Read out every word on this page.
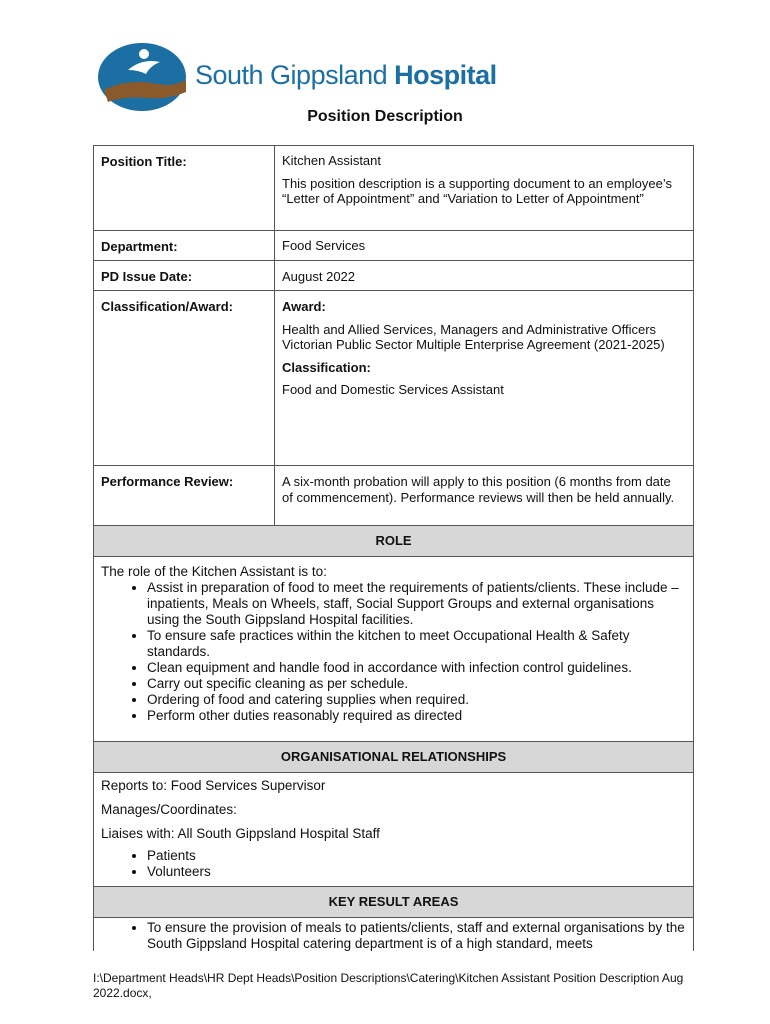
South Gippsland Hospital
Position Description
Position Title:	Kitchen Assistant

This position description is a supporting document to an employee’s “Letter of Appointment” and “Variation to Letter of Appointment”

Department:	Food Services
PD Issue Date:	August 2022
Classification/Award:	Award:

Health and Allied Services, Managers and Administrative Officers Victorian Public Sector Multiple Enterprise Agreement (2021-2025)

Classification:

Food and Domestic Services Assistant

Performance Review:	A six-month probation will apply to this position (6 months from date of commencement). Performance reviews will then be held annually.
ROLE

The role of the Kitchen Assistant is to:

• Assist in preparation of food to meet the requirements of patients/clients. These include – inpatients, Meals on Wheels, staff, Social Support Groups and external organisations using the South Gippsland Hospital facilities.
• To ensure safe practices within the kitchen to meet Occupational Health & Safety standards.
• Clean equipment and handle food in accordance with infection control guidelines.
• Carry out specific cleaning as per schedule.
• Ordering of food and catering supplies when required.
• Perform other duties reasonably required as directed
ORGANISATIONAL RELATIONSHIPS

Reports to: Food Services Supervisor

Manages/Coordinates:

Liaises with: All South Gippsland Hospital Staff

• Patients
• Volunteers
KEY RESULT AREAS
• To ensure the provision of meals to patients/clients, staff and external organisations by the South Gippsland Hospital catering department is of a high standard, meets
I:\Department Heads\HR Dept Heads\Position Descriptions\Catering\Kitchen Assistant Position Description Aug 2022.docx,
